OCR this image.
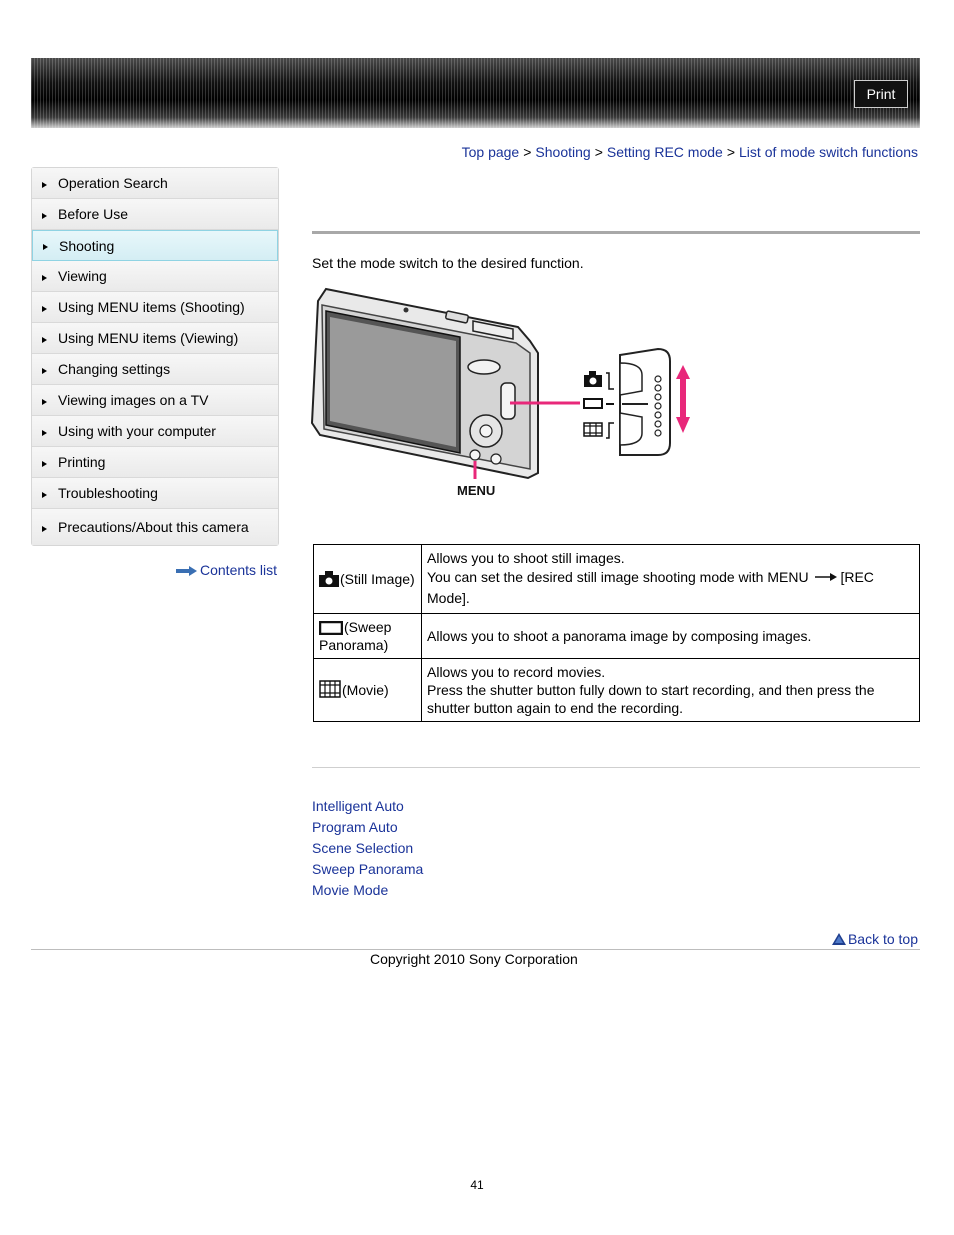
Print
Top page > Shooting > Setting REC mode > List of mode switch functions
Operation Search
Before Use
Shooting
Viewing
Using MENU items (Shooting)
Using MENU items (Viewing)
Changing settings
Viewing images on a TV
Using with your computer
Printing
Troubleshooting
Precautions/About this camera
Contents list
Set the mode switch to the desired function.
MENU
(Still Image)	Allows you to shoot still images.
You can set the desired still image shooting mode with MENU [REC Mode].

(Sweep
Panorama)	Allows you to shoot a panorama image by composing images.
(Movie)	Allows you to record movies.
Press the shutter button fully down to start recording, and then press the shutter button again to end the recording.
Intelligent Auto
Program Auto
Scene Selection
Sweep Panorama
Movie Mode
Back to top
Copyright 2010 Sony Corporation
41
